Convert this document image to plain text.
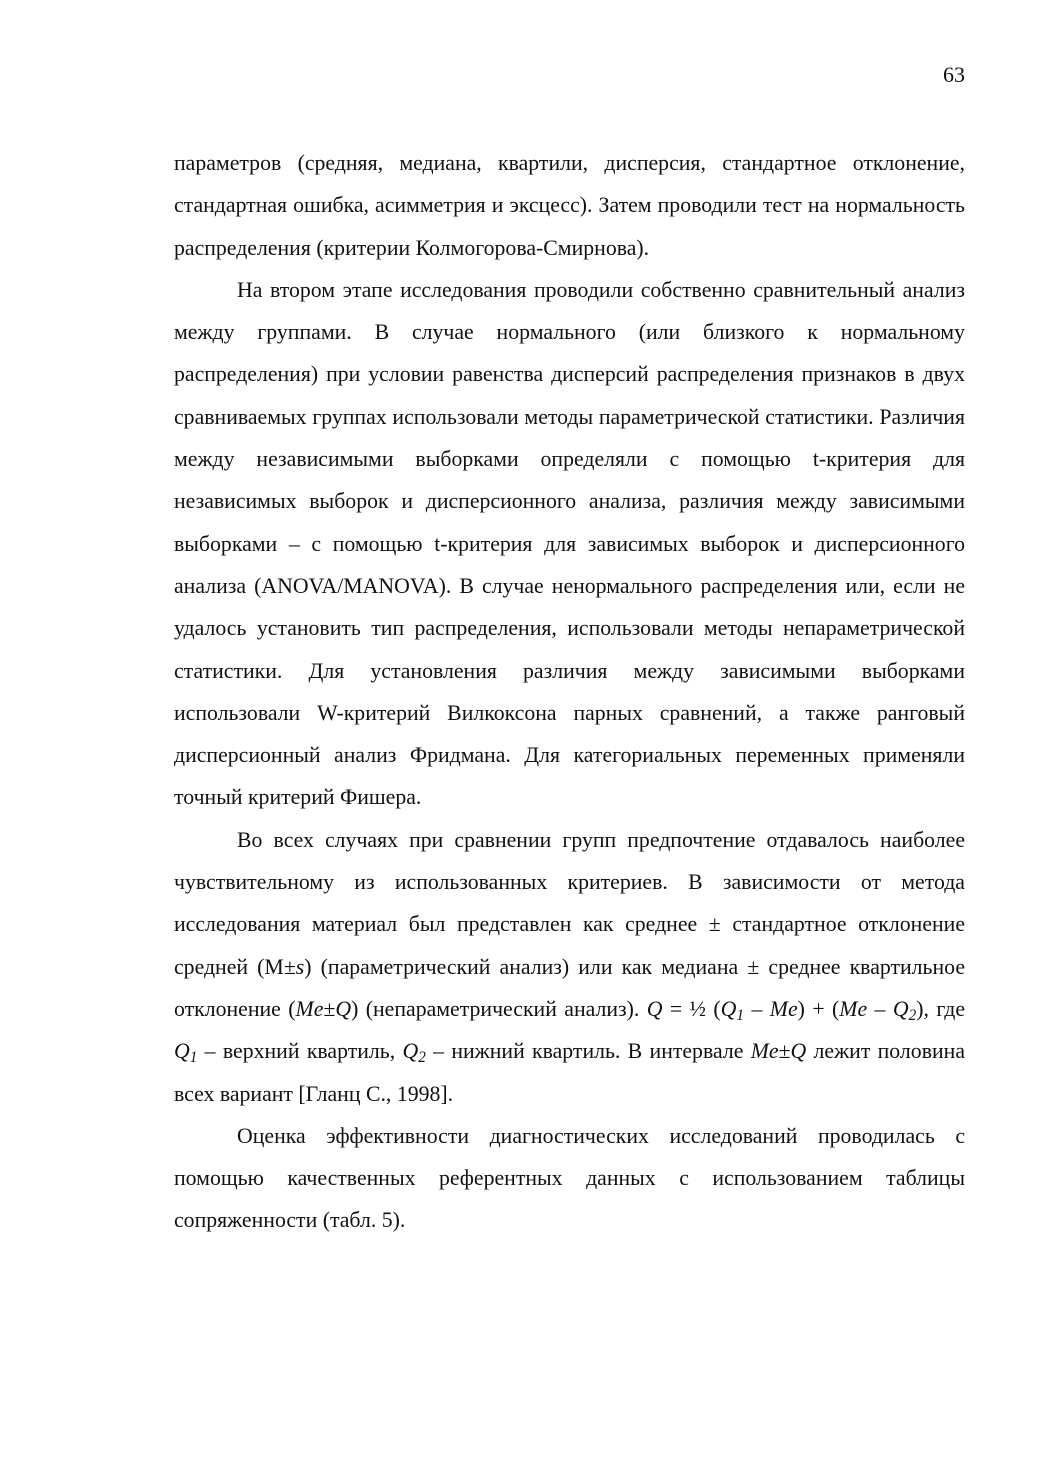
63

параметров (средняя, медиана, квартили, дисперсия, стандартное отклонение, стандартная ошибка, асимметрия и эксцесс). Затем проводили тест на нормальность распределения (критерии Колмогорова-Смирнова).

На втором этапе исследования проводили собственно сравнительный анализ между группами. В случае нормального (или близкого к нормальному распределения) при условии равенства дисперсий распределения признаков в двух сравниваемых группах использовали методы параметрической статистики. Различия между независимыми выборками определяли с помощью t-критерия для независимых выборок и дисперсионного анализа, различия между зависимыми выборками – с помощью t-критерия для зависимых выборок и дисперсионного анализа (ANOVA/MANOVA). В случае ненормального распределения или, если не удалось установить тип распределения, использовали методы непараметрической статистики. Для установления различия между зависимыми выборками использовали W-критерий Вилкоксона парных сравнений, а также ранговый дисперсионный анализ Фридмана. Для категориальных переменных применяли точный критерий Фишера.

Во всех случаях при сравнении групп предпочтение отдавалось наиболее чувствительному из использованных критериев. В зависимости от метода исследования материал был представлен как среднее ± стандартное отклонение средней (М±s) (параметрический анализ) или как медиана ± среднее квартильное отклонение (Me±Q) (непараметрический анализ). Q = ½ $(Q_1 - Me) + (Me - Q_2)$, где $Q_1$ – верхний квартиль, $Q_2$ – нижний квартиль. В интервале Me±Q лежит половина всех вариант [Гланц С., 1998].

Оценка эффективности диагностических исследований проводилась с помощью качественных референтных данных с использованием таблицы сопряженности (табл. 5).
